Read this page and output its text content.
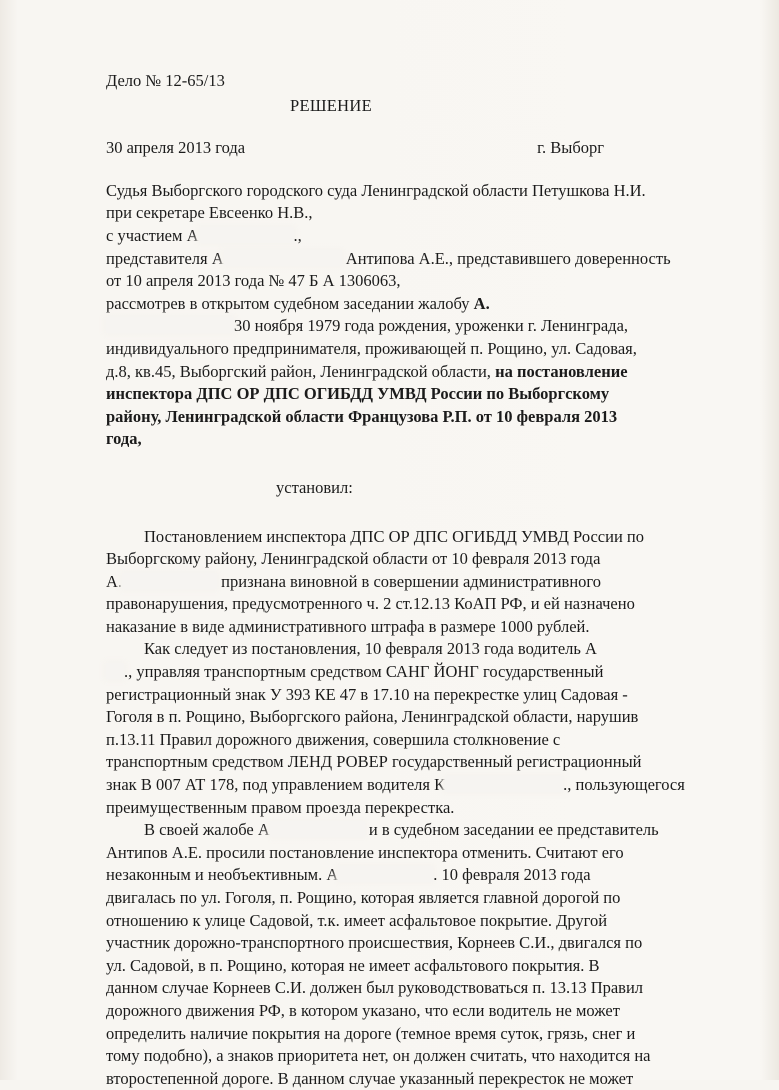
Дело № 12-65/13
РЕШЕНИЕ
30 апреля 2013 года	г. Выборг
Судья Выборгского городского суда Ленинградской области Петушкова Н.И.
при секретаре Евсеенко Н.В.,
с участием А	.,
представителя А	Антипова А.Е., представившего доверенность
от 10 апреля 2013 года № 47 Б А 1306063,
рассмотрев в открытом судебном заседании жалобу А.
30 ноября 1979 года рождения, уроженки г. Ленинграда,
индивидуального предпринимателя, проживающей п. Рощино, ул. Садовая,
д.8, кв.45, Выборгский район, Ленинградской области, на постановление
инспектора ДПС ОР ДПС ОГИБДД УМВД России по Выборгскому
району, Ленинградской области Французова Р.П. от 10 февраля 2013
года,
установил:
Постановлением инспектора ДПС ОР ДПС ОГИБДД УМВД России по
Выборгскому району, Ленинградской области от 10 февраля 2013 года
А.	признана виновной в совершении административного
правонарушения, предусмотренного ч. 2 ст.12.13 КоАП РФ, и ей назначено
наказание в виде административного штрафа в размере 1000 рублей.
Как следует из постановления, 10 февраля 2013 года водитель А
., управляя транспортным средством САНГ ЙОНГ государственный
регистрационный знак У 393 КЕ 47 в 17.10 на перекрестке улиц Садовая -
Гоголя в п. Рощино, Выборгского района, Ленинградской области, нарушив
п.13.11 Правил дорожного движения, совершила столкновение с
транспортным средством ЛЕНД РОВЕР государственный регистрационный
знак В 007 АТ 178, под управлением водителя К	., пользующегося
преимущественным правом проезда перекрестка.
В своей жалобе А	и в судебном заседании ее представитель
Антипов А.Е. просили постановление инспектора отменить. Считают его
незаконным и необъективным. А	. 10 февраля 2013 года
двигалась по ул. Гоголя, п. Рощино, которая является главной дорогой по
отношению к улице Садовой, т.к. имеет асфальтовое покрытие. Другой
участник дорожно-транспортного происшествия, Корнеев С.И., двигался по
ул. Садовой, в п. Рощино, которая не имеет асфальтового покрытия. В
данном случае Корнеев С.И. должен был руководствоваться п. 13.13 Правил
дорожного движения РФ, в котором указано, что если водитель не может
определить наличие покрытия на дороге (темное время суток, грязь, снег и
тому подобно), а знаков приоритета нет, он должен считать, что находится на
второстепенной дороге. В данном случае указанный перекресток не может
